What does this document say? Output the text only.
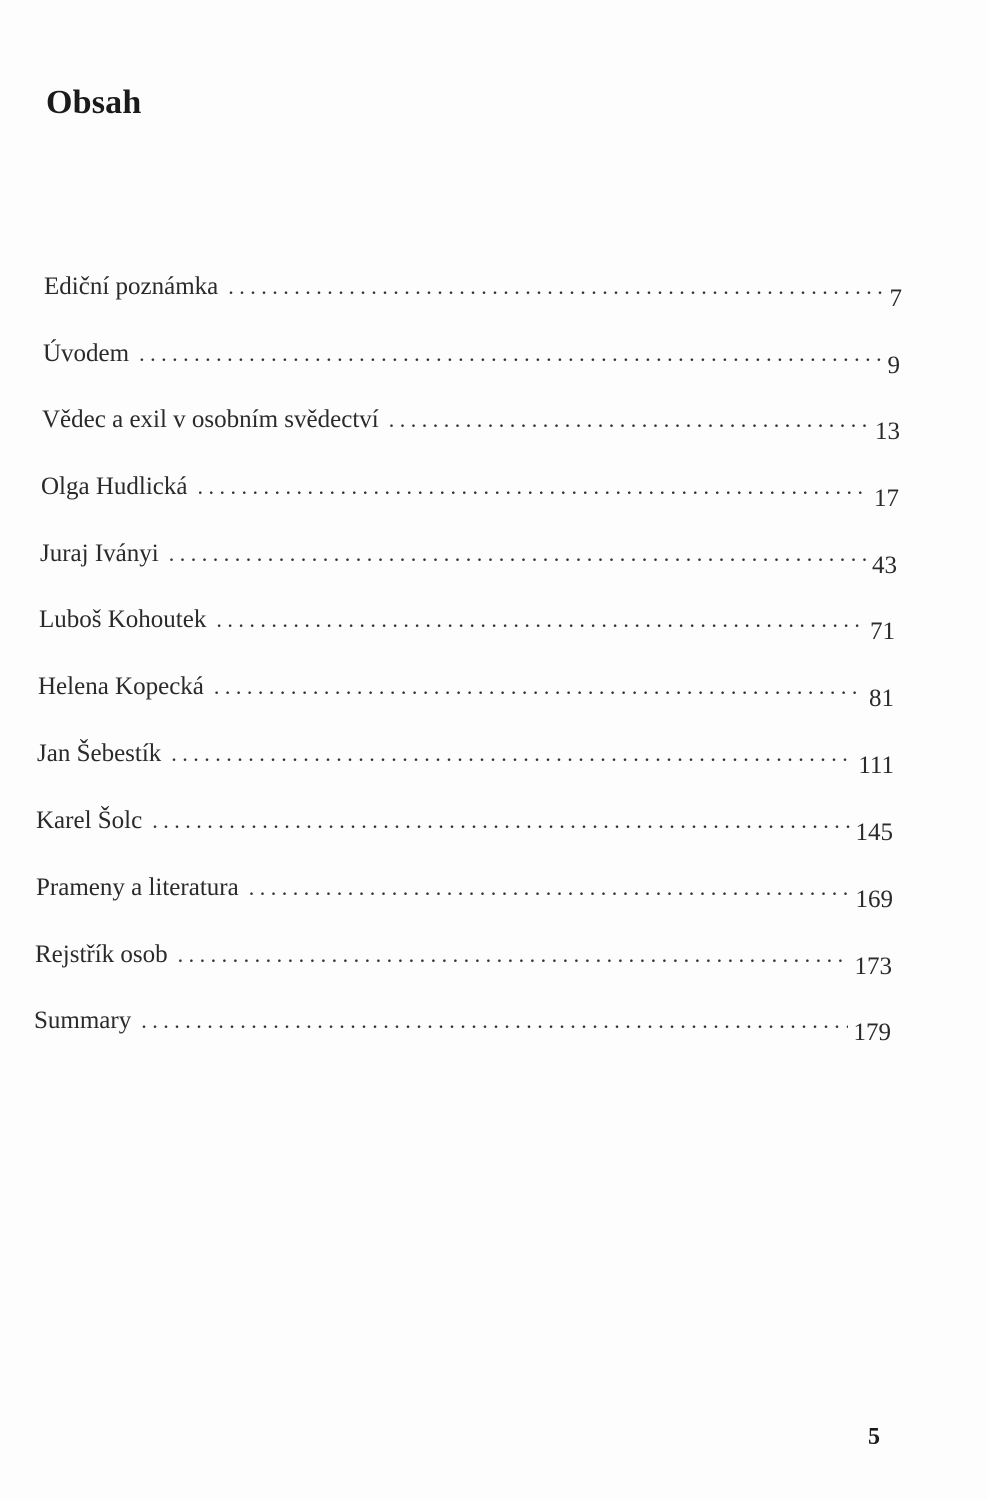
Obsah
Ediční poznámka . . .	7
Úvodem . . .	9
Vědec a exil v osobním svědectví . . .	13
Olga Hudlická . . .	17
Juraj Iványi . . .	43
Luboš Kohoutek . . .	71
Helena Kopecká . . .	81
Jan Šebestík . . .	111
Karel Šolc . . .	145
Prameny a literatura . . .	169
Rejstřík osob . . .	173
Summary . . .	179
5
